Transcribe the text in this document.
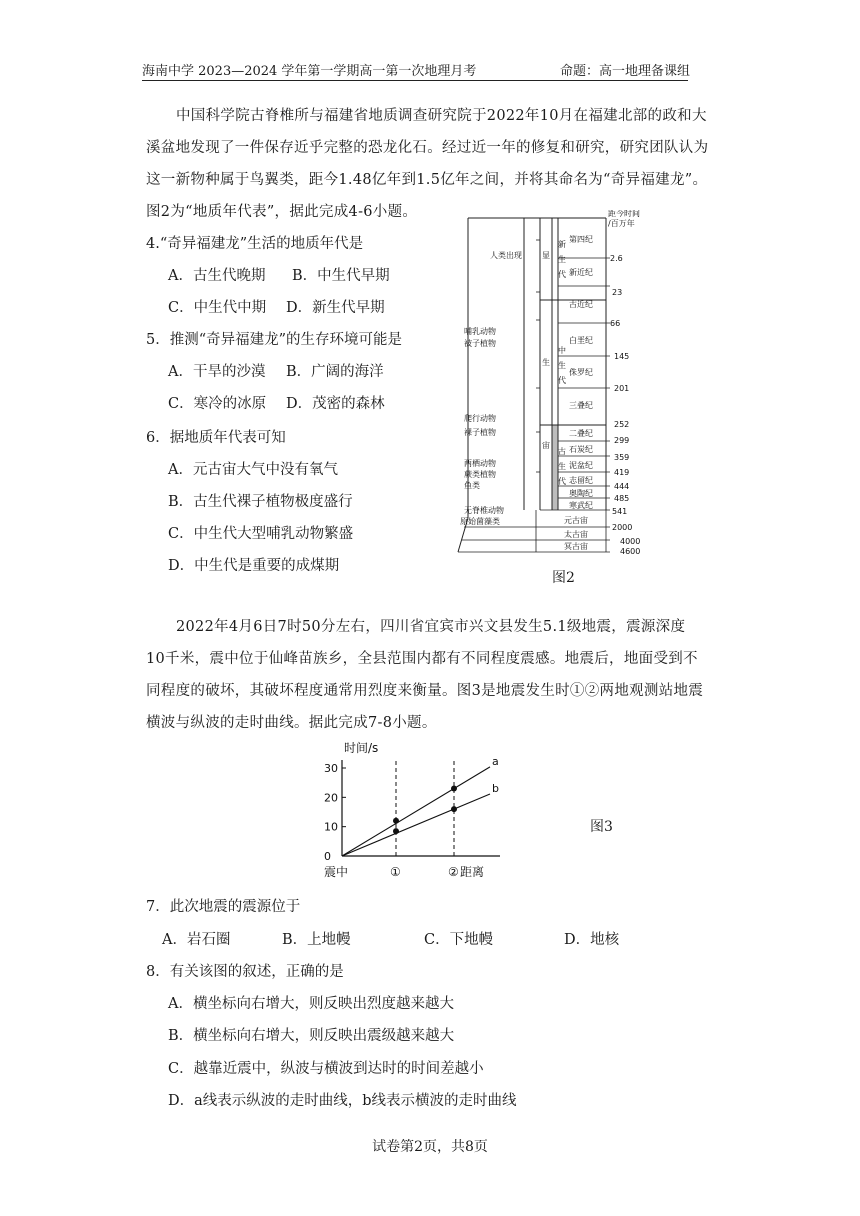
海南中学 2023—2024 学年第一学期高一第一次地理月考	命题：高一地理备课组
中国科学院古脊椎所与福建省地质调查研究院于2022年10月在福建北部的政和大
溪盆地发现了一件保存近乎完整的恐龙化石。经过近一年的修复和研究，研究团队认为
这一新物种属于鸟翼类，距今1.48亿年到1.5亿年之间，并将其命名为“奇异福建龙”。
图2为“地质年代表”，据此完成4-6小题。
4.“奇异福建龙”生活的地质年代是
A．古生代晚期 B．中生代早期
C．中生代中期 D．新生代早期
5．推测“奇异福建龙”的生存环境可能是
A．干旱的沙漠 B．广阔的海洋
C．寒冷的冰原 D．茂密的森林
6．据地质年代表可知
A．元古宙大气中没有氧气
B．古生代裸子植物极度盛行
C．中生代大型哺乳动物繁盛
D．中生代是重要的成煤期
距今时间
/百万年
显
生
宙
新
生
代
中
生
代
古
生
代
第四纪
新近纪
古近纪
白垩纪
侏罗纪
三叠纪
二叠纪
石炭纪
泥盆纪
志留纪
奥陶纪
寒武纪
元古宙
太古宙
冥古宙
2.6
23
66
145
201
252
299
359
419
444
485
541
2000
4000
4600
人类出现
哺乳动物
被子植物
爬行动物
裸子植物
两栖动物
蕨类植物
鱼类
无脊椎动物
原始菌藻类
图2
2022年4月6日7时50分左右，四川省宜宾市兴文县发生5.1级地震，震源深度
10千米，震中位于仙峰苗族乡，全县范围内都有不同程度震感。地震后，地面受到不
同程度的破坏，其破坏程度通常用烈度来衡量。图3是地震发生时①②两地观测站地震
横波与纵波的走时曲线。据此完成7-8小题。
时间/s
0
10
20
30
①	②
a
b
震中	距离
图3
7．此次地震的震源位于
A．岩石圈	B．上地幔	C．下地幔	D．地核
8．有关该图的叙述，正确的是
A．横坐标向右增大，则反映出烈度越来越大
B．横坐标向右增大，则反映出震级越来越大
C．越靠近震中，纵波与横波到达时的时间差越小
D．a线表示纵波的走时曲线，b线表示横波的走时曲线
试卷第2页，共8页
